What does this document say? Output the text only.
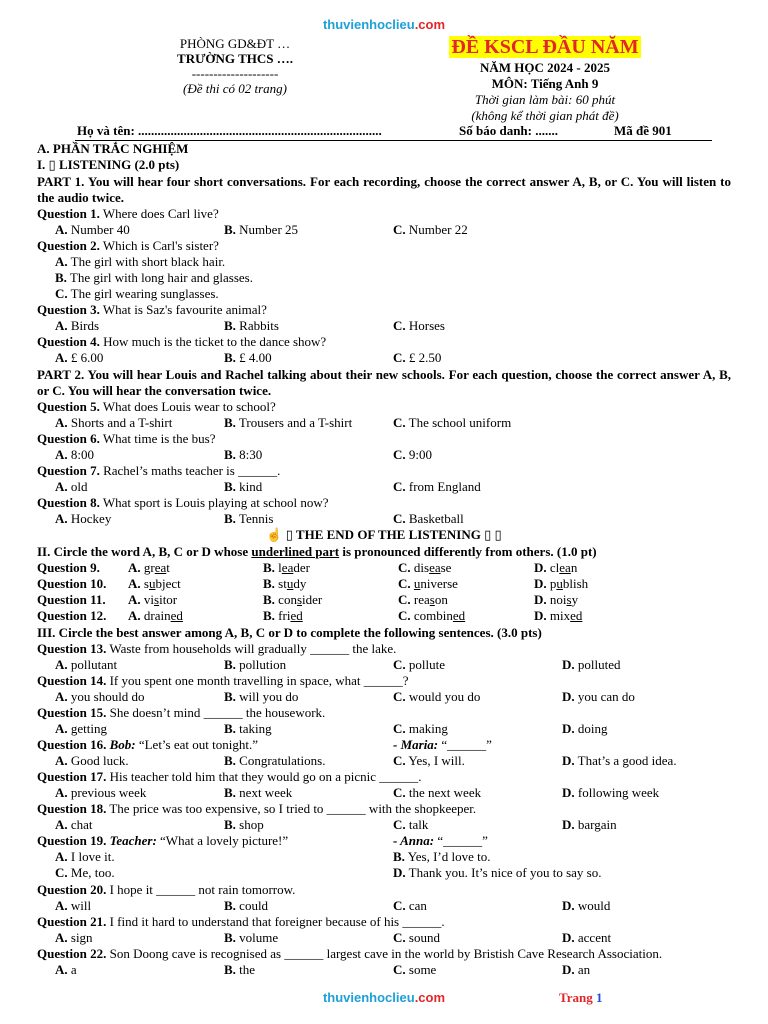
thuvienhoclieu.com
PHÒNG GD&ĐT …
TRƯỜNG THCS ….
--------------------
(Đề thi có 02 trang)
ĐỀ KSCL ĐẦU NĂM
NĂM HỌC 2024 - 2025
MÔN: Tiếng Anh 9
Thời gian làm bài: 60 phút
(không kể thời gian phát đề)
Họ và tên: ...........................................................................	Số báo danh: .......	Mã đề 901
A. PHẦN TRẮC NGHIỆM
I. ▯ LISTENING (2.0 pts)
PART 1. You will hear four short conversations. For each recording, choose the correct answer A, B, or C. You will listen to the audio twice.
Question 1. Where does Carl live?
A. Number 40	B. Number 25	C. Number 22
Question 2. Which is Carl's sister?
A. The girl with short black hair.
B. The girl with long hair and glasses.
C. The girl wearing sunglasses.
Question 3. What is Saz's favourite animal?
A. Birds	B. Rabbits	C. Horses
Question 4. How much is the ticket to the dance show?
A. £ 6.00	B. £ 4.00	C. £ 2.50
PART 2. You will hear Louis and Rachel talking about their new schools. For each question, choose the correct answer A, B, or C. You will hear the conversation twice.
Question 5. What does Louis wear to school?
A. Shorts and a T-shirt	B. Trousers and a T-shirt	C. The school uniform
Question 6. What time is the bus?
A. 8:00	B. 8:30	C. 9:00
Question 7. Rachel’s maths teacher is ______.
A. old	B. kind	C. from England
Question 8. What sport is Louis playing at school now?
A. Hockey	B. Tennis	C. Basketball
☝ ▯ THE END OF THE LISTENING ▯ ▯
II. Circle the word A, B, C or D whose underlined part is pronounced differently from others. (1.0 pt)
Question 9.	A. great	B. leader	C. disease	D. clean
Question 10.	A. subject	B. study	C. universe	D. publish
Question 11.	A. visitor	B. consider	C. reason	D. noisy
Question 12.	A. drained	B. fried	C. combined	D. mixed
III. Circle the best answer among A, B, C or D to complete the following sentences. (3.0 pts)
Question 13. Waste from households will gradually ______ the lake.
A. pollutant	B. pollution	C. pollute	D. polluted
Question 14. If you spent one month travelling in space, what ______?
A. you should do	B. will you do	C. would you do	D. you can do
Question 15. She doesn’t mind ______ the housework.
A. getting	B. taking	C. making	D. doing
Question 16. Bob: “Let’s eat out tonight.”	- Maria: “______”
A. Good luck.	B. Congratulations.	C. Yes, I will.	D. That’s a good idea.
Question 17. His teacher told him that they would go on a picnic ______.
A. previous week	B. next week	C. the next week	D. following week
Question 18. The price was too expensive, so I tried to ______ with the shopkeeper.
A. chat	B. shop	C. talk	D. bargain
Question 19. Teacher: “What a lovely picture!”	- Anna: “______”
A. I love it.	B. Yes, I’d love to.
C. Me, too.	D. Thank you. It’s nice of you to say so.
Question 20. I hope it ______ not rain tomorrow.
A. will	B. could	C. can	D. would
Question 21. I find it hard to understand that foreigner because of his ______.
A. sign	B. volume	C. sound	D. accent
Question 22. Son Doong cave is recognised as ______ largest cave in the world by Bristish Cave Research Association.
A. a	B. the	C. some	D. an
thuvienhoclieu.com	Trang 1
